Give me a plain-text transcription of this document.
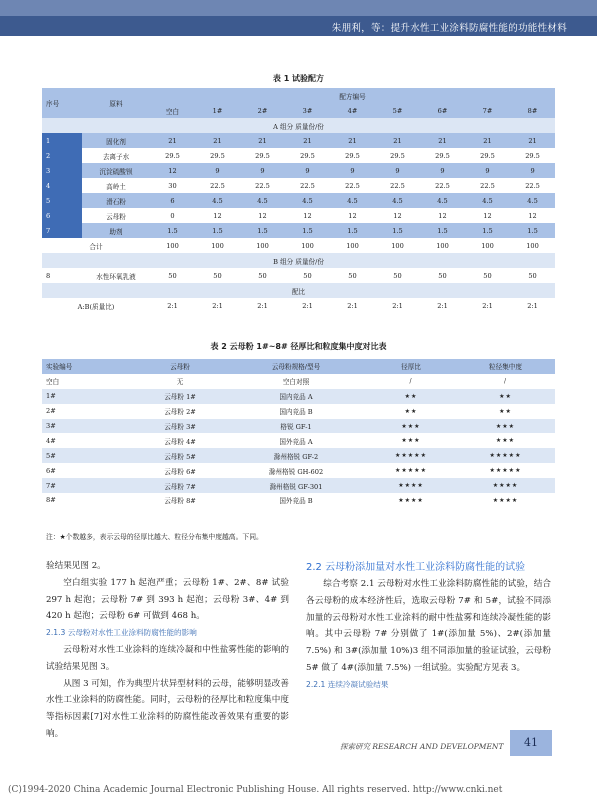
朱朋利，等：提升水性工业涂料防腐性能的功能性材料
表 1 试验配方
序号	原料	配方编号								
		空白	1#	2#	3#	4#	5#	6#	7#	8#
A 组分 质量份/份										
1	固化剂	21	21	21	21	21	21	21	21	21
2	去离子水	29.5	29.5	29.5	29.5	29.5	29.5	29.5	29.5	29.5
3	沉淀硫酸钡	12	9	9	9	9	9	9	9	9
4	高岭土	30	22.5	22.5	22.5	22.5	22.5	22.5	22.5	22.5
5	滑石粉	6	4.5	4.5	4.5	4.5	4.5	4.5	4.5	4.5
6	云母粉	0	12	12	12	12	12	12	12	12
7	助剂	1.5	1.5	1.5	1.5	1.5	1.5	1.5	1.5	1.5
合计		100	100	100	100	100	100	100	100	100
B 组分 质量份/份										
8	水性环氧乳液	50	50	50	50	50	50	50	50	50
配比										
A:B(质量比)		2:1	2:1	2:1	2:1	2:1	2:1	2:1	2:1	2:1
表 2 云母粉 1#~8# 径厚比和粒度集中度对比表
实验编号	云母粉	云母粉规格/型号	径厚比	粒径集中度
空白	无	空白对照	/	/
1#	云母粉 1#	国内竞品 A	★★	★★
2#	云母粉 2#	国内竞品 B	★★	★★
3#	云母粉 3#	格锐 GF-1	★★★	★★★
4#	云母粉 4#	国外竞品 A	★★★	★★★
5#	云母粉 5#	滁州格锐 GF-2	★★★★★	★★★★★
6#	云母粉 6#	滁州格锐 GH-602	★★★★★	★★★★★
7#	云母粉 7#	滁州格锐 GF-301	★★★★	★★★★
8#	云母粉 8#	国外竞品 B	★★★★	★★★★
注：★个数越多，表示云母的径厚比越大、粒径分布集中度越高。下同。

验结果见图 2。

空白组实验 177 h 起泡严重；云母粉 1#、2#、8# 试验 297 h 起泡；云母粉 7# 到 393 h 起泡；云母粉 3#、4# 到 420 h 起泡；云母粉 6# 可做到 468 h。

2.1.3 云母粉对水性工业涂料防腐性能的影响

云母粉对水性工业涂料的连续冷凝和中性盐雾性能的影响的试验结果见图 3。

从图 3 可知，作为典型片状异型材料的云母，能够明显改善水性工业涂料的防腐性能。同时，云母粉的径厚比和粒度集中度等指标因素[7]对水性工业涂料的防腐性能改善效果有重要的影响。

2.2 云母粉添加量对水性工业涂料防腐性能的试验

综合考察 2.1 云母粉对水性工业涂料防腐性能的试验，结合各云母粉的成本经济性后，选取云母粉 7# 和 5#，试验不同添加量的云母粉对水性工业涂料的耐中性盐雾和连续冷凝性能的影响。其中云母粉 7# 分别做了 1#(添加量 5%)、2#(添加量 7.5%) 和 3#(添加量 10%)3 组不同添加量的验证试验，云母粉 5# 做了 4#(添加量 7.5%) 一组试验。实验配方见表 3。

2.2.1 连续冷凝试验结果

探索研究 RESEARCH AND DEVELOPMENT	41
(C)1994-2020 China Academic Journal Electronic Publishing House. All rights reserved. http://www.cnki.net
